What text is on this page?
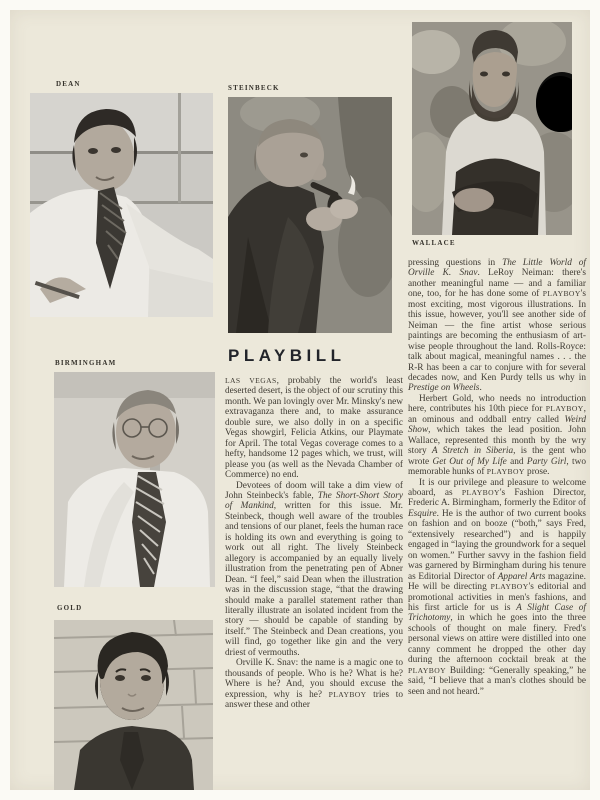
DEAN	STEINBECK
WALLACE
BIRMINGHAM
GOLD
PLAYBILL

LAS VEGAS, probably the world's least deserted desert, is the object of our scrutiny this month. We pan lovingly over Mr. Minsky's new extravaganza there and, to make assurance double sure, we also dolly in on a specific Vegas showgirl, Felicia Atkins, our Playmate for April. The total Vegas coverage comes to a hefty, handsome 12 pages which, we trust, will please you (as well as the Nevada Chamber of Commerce) no end.

Devotees of doom will take a dim view of John Steinbeck's fable, The Short-Short Story of Mankind, written for this issue. Mr. Steinbeck, though well aware of the troubles and tensions of our planet, feels the human race is holding its own and everything is going to work out all right. The lively Steinbeck allegory is accompanied by an equally lively illustration from the penetrating pen of Abner Dean. “I feel,” said Dean when the illustration was in the discussion stage, “that the drawing should make a parallel statement rather than literally illustrate an isolated incident from the story — should be capable of standing by itself.” The Steinbeck and Dean creations, you will find, go together like gin and the very driest of vermouths.

Orville K. Snav: the name is a magic one to thousands of people. Who is he? What is he? Where is he? And, you should excuse the expression, why is he? PLAYBOY tries to answer these and other

pressing questions in The Little World of Orville K. Snav. LeRoy Neiman: there's another meaningful name — and a familiar one, too, for he has done some of PLAYBOY's most exciting, most vigorous illustrations. In this issue, however, you'll see another side of Neiman — the fine artist whose serious paintings are becoming the enthusiasm of art-wise people throughout the land. Rolls-Royce: talk about magical, meaningful names . . . the R-R has been a car to conjure with for several decades now, and Ken Purdy tells us why in Prestige on Wheels.

Herbert Gold, who needs no introduction here, contributes his 10th piece for PLAYBOY, an ominous and oddball entry called Weird Show, which takes the lead position. John Wallace, represented this month by the wry story A Stretch in Siberia, is the gent who wrote Get Out of My Life and Party Girl, two memorable hunks of PLAYBOY prose.

It is our privilege and pleasure to welcome aboard, as PLAYBOY's Fashion Director, Frederic A. Birmingham, formerly the Editor of Esquire. He is the author of two current books on fashion and on booze (“both,” says Fred, “extensively researched”) and is happily engaged in “laying the groundwork for a sequel on women.” Further savvy in the fashion field was garnered by Birmingham during his tenure as Editorial Director of Apparel Arts magazine. He will be directing PLAYBOY's editorial and promotional activities in men's fashions, and his first article for us is A Slight Case of Trichotomy, in which he goes into the three schools of thought on male finery. Fred's personal views on attire were distilled into one canny comment he dropped the other day during the afternoon cocktail break at the PLAYBOY Building: “Generally speaking,” he said, “I believe that a man's clothes should be seen and not heard.”
